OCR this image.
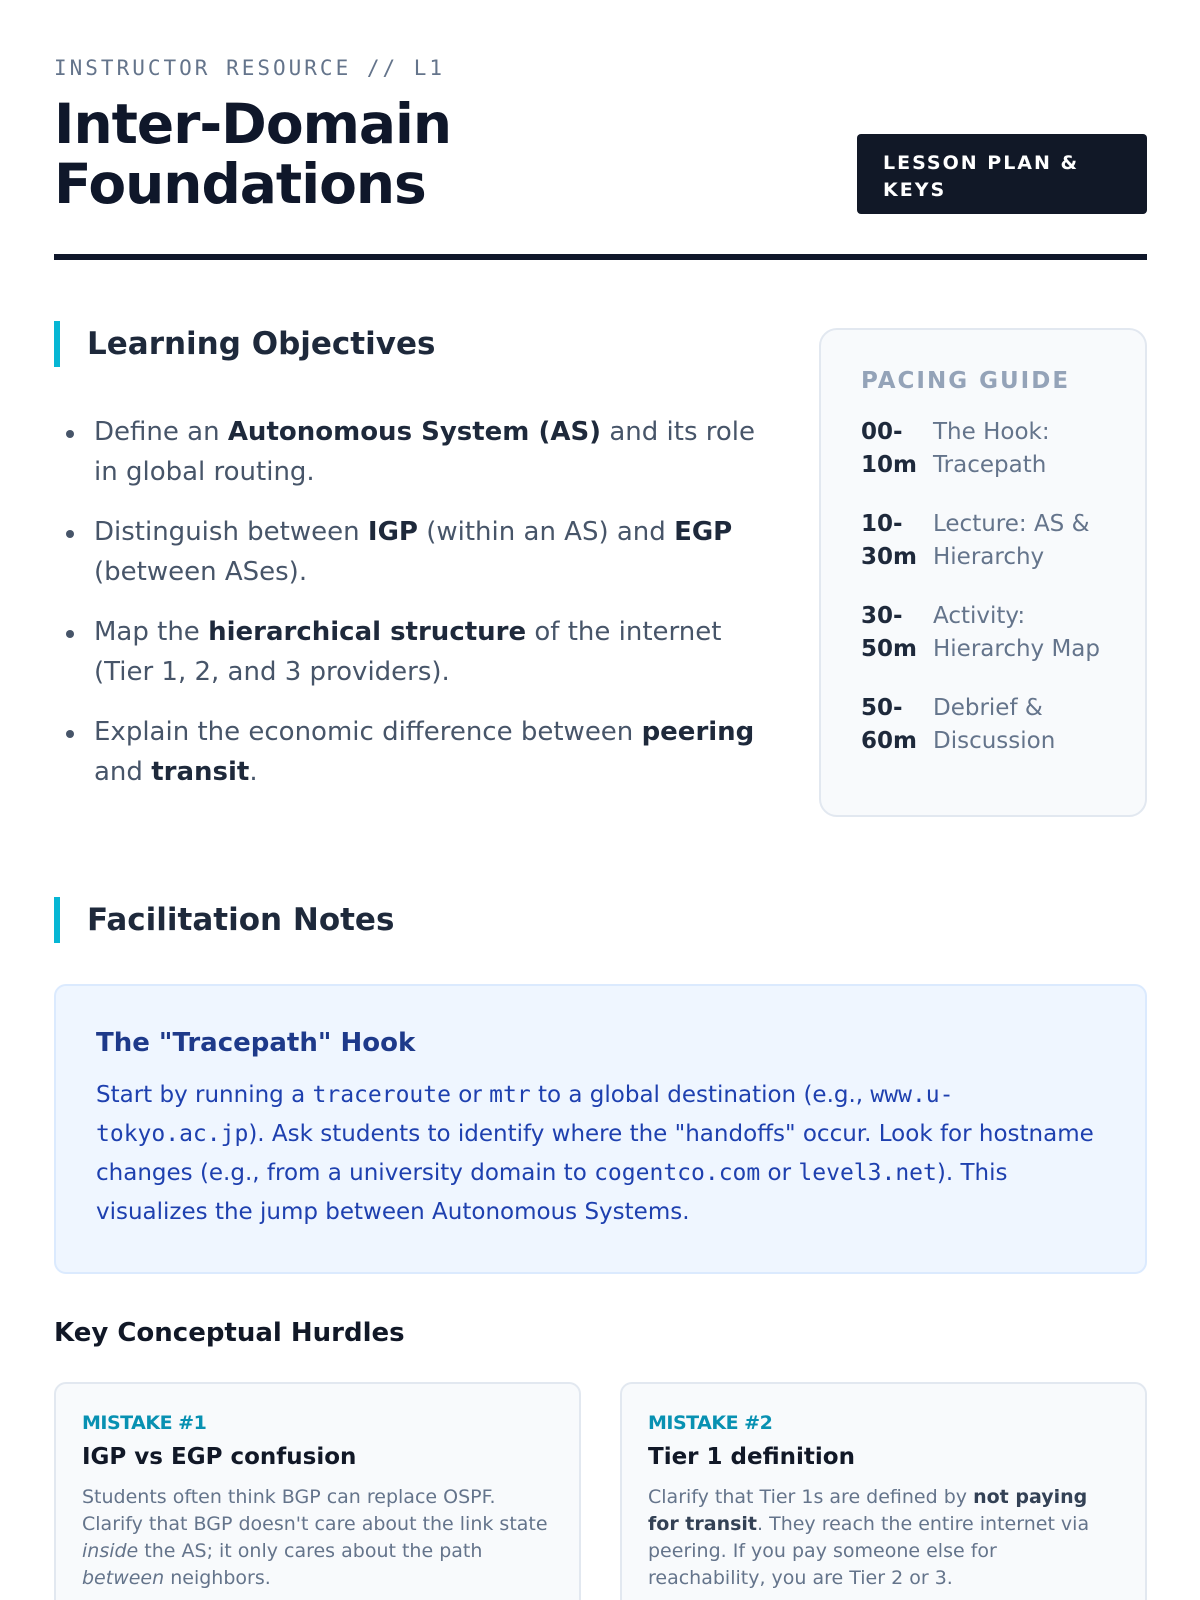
INSTRUCTOR RESOURCE // L1
Inter-Domain
Foundations	LESSON PLAN &
KEYS
Learning Objectives
Define an Autonomous System (AS) and its role in global routing.
Distinguish between IGP (within an AS) and EGP (between ASes).
Map the hierarchical structure of the internet (Tier 1, 2, and 3 providers).
Explain the economic difference between peering and transit.
PACING GUIDE
00-
10m
The Hook:
Tracepath
10-
30m
Lecture: AS &
Hierarchy
30-
50m
Activity:
Hierarchy Map
50-
60m
Debrief &
Discussion
Facilitation Notes
The "Tracepath" Hook

Start by running a traceroute or mtr to a global destination (e.g., www.u-tokyo.ac.jp). Ask students to identify where the "handoffs" occur. Look for hostname changes (e.g., from a university domain to cogentco.com or level3.net). This visualizes the jump between Autonomous Systems.

Key Conceptual Hurdles
MISTAKE #1
IGP vs EGP confusion

Students often think BGP can replace OSPF. Clarify that BGP doesn't care about the link state inside the AS; it only cares about the path between neighbors.

MISTAKE #2
Tier 1 definition

Clarify that Tier 1s are defined by not paying for transit. They reach the entire internet via peering. If you pay someone else for reachability, you are Tier 2 or 3.
